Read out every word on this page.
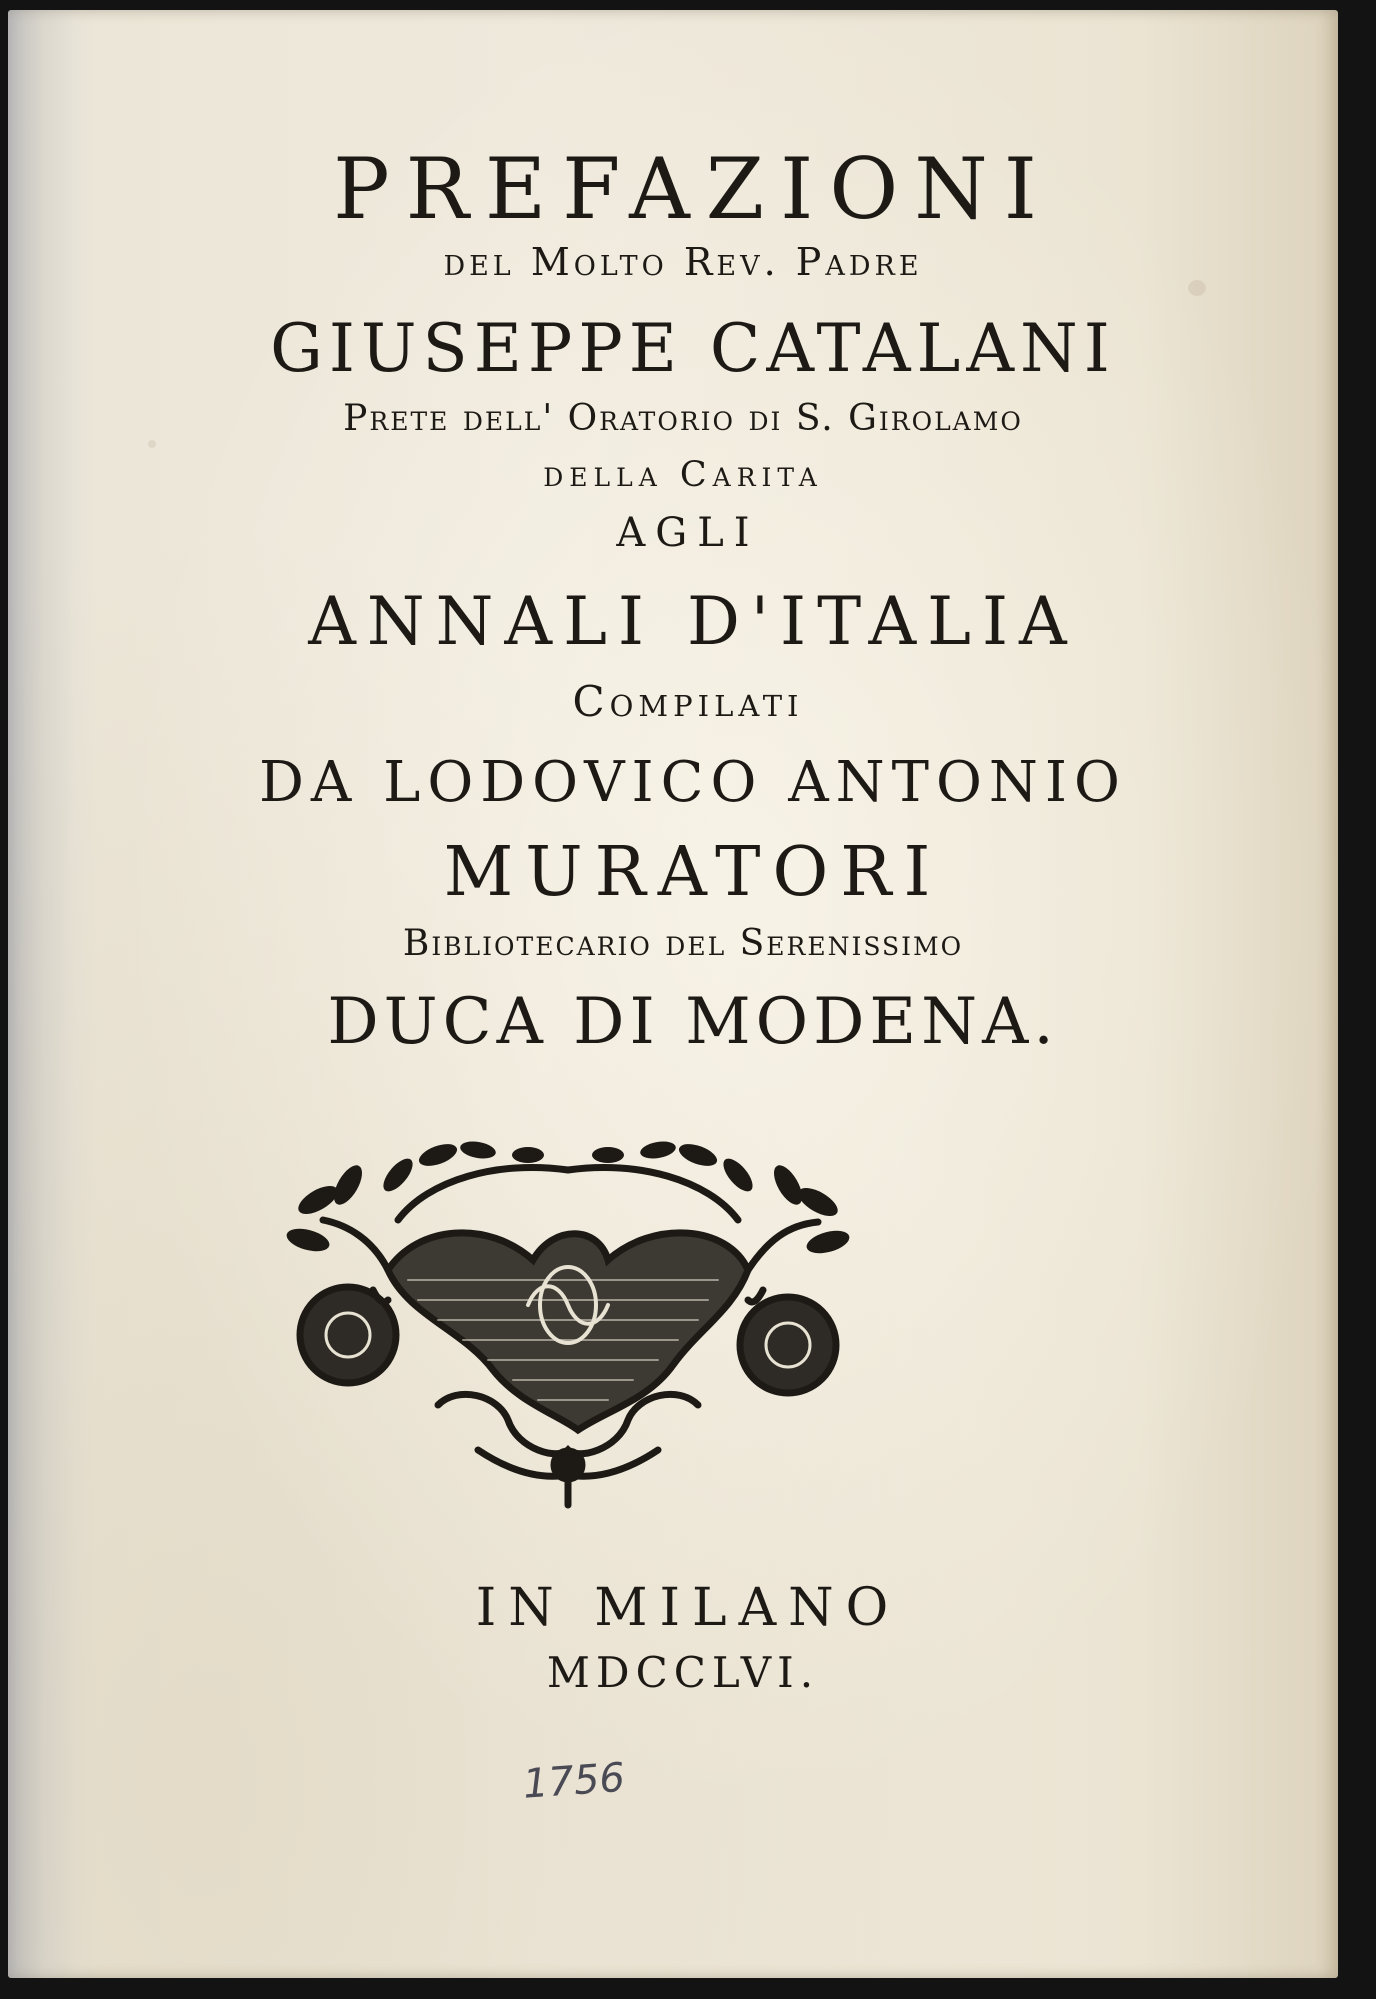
PREFAZIONI

del Molto Rev. Padre

GIUSEPPE CATALANI

Prete dell' Oratorio di S. Girolamo

della Carita

AGLI

ANNALI D'ITALIA

Compilati

DA LODOVICO ANTONIO

MURATORI

Bibliotecario del Serenissimo

DUCA DI MODENA.

IN MILANO

MDCCLVI.

1756
